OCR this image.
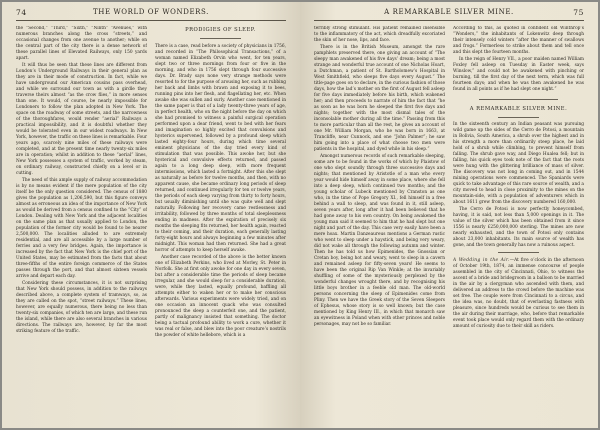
74	THE WORLD OF WONDERS.

the “Second,” “Third,” “Sixth,” “Ninth” “Avenues,” with numerous branches along the cross “streets,” and occasional changes from one avenue to another; while on the central part of the city there is a dense network of these parallel lines of Elevated Railways, only 150 yards apart.

It will thus be seen that these lines are different from London’s Underground Railways in their general plan as they are in their mode of construction. In fact, while we have underground our American cousins pass overhead, and while we surround our town as with a girdle they traverse theirs almost “as the crow flies,” in more senses than one. It would, of course, be nearly impossible for Londoners to follow the plan adopted in New York. The space on the roadway of some streets, and the narrowness of the thoroughfares, would render “aerial” Railways a practical impossibility, and it is doubtful whether they would be tolerated even in our widest roadways. In New York, however, the traffic on these lines is remarkable. Four years ago, scarcely nine miles of these railways were completed, and at the present time nearly twenty-six miles are in operation; whilst in addition to these “aerial” lines, New York possesses a system of traffic, worked by steam, on ordinary railway, constructed chiefly on a level or in cutting.

The need of this ample supply of railway accommodation is by no means evident if the mere population of the city itself be the only question considered. The census of 1880 gives the population as 1,206,590, but this figure conveys almost as erroneous an idea of the importance of New York as would be derived from a census confined to the “City” of London. Dealing with New York and the adjacent localities on the same plan as that usually applied to London, the population of the former city would be found to be nearer 2,500,000. The localities alluded to are extremely residential, and are all accessible by a large number of ferries and a very few bridges. Again, the importance is increased by the fact that New York is the chief port of the United States, may be estimated from the facts that about three-fifths of the entire foreign commerce of the States passes through the port, and that almost sixteen vessels arrive and depart each day.

Considering these circumstances, it is not surprising that New York should possess, in addition to the railways described above, a complete system of tramways, so, as they are called on the spot, “street railways.” These lines, however, are equally numerous, there being no less than twenty-six companies, of which ten are large, and these run the island, while there are also several branches in various directions. The railways are, however, by far the most striking feature of the traffic.

PRODIGIES OF SLEEP.

There is a case, read before a society of physicians in 1756, and recorded in “The Philosophical Transactions,” of a woman named Elizabeth Orvin who went, for ten years, slept two or three mornings from four or five in the morning, and who in 1756 slept through four successive days. Dr. Brady says none very strange methods were resorted to for the purpose of arousing her, such as rubbing her back and limbs with brawn and exposing it to bees, running pins into her flesh, and flagellating her, etc. When awake she was sullen and surly. Another case mentioned in the same paper is that of a lady twenty-three years of age, in perfect health, who on the night before the day on which she had promised to witness a painful surgical operation performed upon a dear friend, went to bed with her fears and imagination so highly excited that convulsions and hysterics supervened, followed by a profound sleep which lasted eighty-four hours, during which time several eminent physicians of the day tried every kind of stimulation that was possible. This awoke her, but she hysterical and convulsive effects returned, and passed again to a long deep sleep, with more frequent intermissions, which lasted a fortnight. After this she slept as naturally as before for twelve months, and then, with no apparent cause, she became ordinary long periods of sleep returned, and continued irregularly for ten or twelve years, the periods of each sleep varying from thirty to forty hours, but usually diminishing until she was quite well and slept naturally. Following her recovery came restlessness and irritability, followed by three months of total sleeplessness ending in madness. After the expiration of precisely six months the sleeping fits returned, her health again, reacted to their coming, and their duration, each generally lasting forty-eight hours and always beginning a few minutes after midnight. This woman had then returned. She had a great horror of attempts to keep herself awake.

Another case recorded of the above is the better known one of Elizabeth Perkins, who lived at Morley, St. Peter in Norfolk. She at first only awoke for one day in every seven, but after a considerable time the periods of sleep became irregular, and she would sleep for a considerable duration, were, while they lasted, equally profound, baffling all attempts either to waken her or to make her conscious afterwards. Various experiments were widely tried, and on one occasion an innocent quack who was consulted pronounced the sleep a counterfeit one, and the patient, partly of malignancy insisted that something. The doctor being a tactual profound ability to work a cure, whether it was real or false, and blew into the poor creature’s nostrils the powder of white hellebore, which is a

A REMARKABLE SILVER MINE.	75

terribly strong stimulant. His patient remained insensible to the inflammatory of the act, which dreadfully excoriated the skin of her nose, lips, and face.

There is in the British Museum, amongst the rare pamphlets preserved there, one giving an account of “The sleepy man awakened of his five days’ dream; being a most strange and wonderful true account of one Nicholas Hoart, a Dutchman, a patient of St. Bartholomew’s Hospital in West Smithfield, who sleeps five days every August.” The title-page goes on to declare, in the curious fashion of those days, how the lad’s mother on the first of August fell asleep for five days immediately before his birth, which wakened her; and then proceeds to narrate of him the fact that “he as soon as he was born he sleeped the first five days and nights; together with the most dismal tales of the inconsolable mother during all the time.” Passing from this to more particular than all the rest, he gives an account of one Mr. William Morgan, who he was born in 1663, at Trancliffe, near Cunnock, and one “John Palmer”; he saw him going into a place of what choose two men were patients in the hospital, and dyed while in his sleep.”

Amongst numerous records of such remarkable sleeping, some are to be found in the works of which by Plaistow of one who slept soundly through three successive days and nights; that mentioned by Aristotle of a man who every year would hide himself away in some place, where she fell into a deep sleep, which continued two months; and the young scholar of Lubeck mentioned by Cranston as one who, in the time of Pope Gregory XI., fell himself in a free behind a wall to sleep, and was found in it, still asleep, seven years after, long after it had been believed that he had gone away to his own country. On being awakened the young man said it seemed to him that he had slept but one night and part of the day. This case very easily have been a mere hoax. Martin Danzeaureus mentions a German rustic who went to sleep under a haystick, and being very weary, did not wake all through the following autumn and winter. Then he has told us how Epimenides, the Gnossian or Cretan boy, being hot and weary, went to sleep in a cavern and remained asleep for fifty-seven years! He seems to have been the original Rip Van Winkle; at the invariably shuffling of some of the mysteriously perplexed by the wonderful changes wrought there, and by recognising his little boys brother in a feeble old man. The old-world persons concerning the sleep of Epimenides come from Pliny. Then we have the Greek story of the Seven Sleepers of Ephesus, whose story is so well known; but the case mentioned by King Henry III., in which that monarch saw an eyewitness in Poland when with other princes and noble personages, may not be so familiar.

According to this, as quoted in confident old Winthrop’s “Wonders,” the inhabitants of Lokenwitz deep through their intensely cold winters “after the manner of swallows and frogs.” Formerless to strike about them and tell once and this slept the fourteen months.

In the reign of Henry VII., a poor maiden named William Foxley fell asleep on Tuesday in Easter week, says Winslow,” and could not be awakened with pinching or burning, till the first day of the next term, which was full fourteen days; and when he was then awakened he was found in all points as if he had slept one night.”

A REMARKABLE SILVER MINE.

In the sixteenth century an Indian peasant was pursuing wild game up the sides of the Cerro de Potosi, a mountain in Bolivia, South America, a shrub over the highest and in his strength a more than ordinarily steep place, he laid hold of a shrub while climbing, to prevent himself from falling. The shrub gave way, and Diego Hualea fell; but in falling, his quick eyes took note of the fact that the roots were hung with the glittering brilliance of mass of silver. The discovery was not long in coming out, and in 1544 mining operations were commenced. The Spaniards were quick to take advantage of this rare source of wealth, and a city moved to head in close proximity to the mines on the mountain-side, with a population of adventurers which in about 1611 grew from the discovery numbered 160,000.

The Cerro de Potosi is now perfectly honeycombed, having, it is said, not less than 5,000 openings in it. The value of the silver which has been obtained from it since 1556 is nearly £250,000,000 sterling. The mines are now nearly exhausted, and the town of Potosi only contains about 23,000 inhabitants. Its main source of wealth has gone, and the town generally has now a ruinous aspect.

A Wedding in the Air.—At five o’clock in the afternoon of October 19th, 1874, an immense concourse of people assembled in the city of Cincinnati, Ohio, to witness the ascent of a bride and bridegroom in a balloon to be married in the air by a clergyman who ascended with them, and delivered an address to the crowd before the machine was set free. The couple were from Cincinnati to a circus, and the idea was, no doubt, that of everlasting fastness with pleasure, since hundreds would be curious to see them in the air during their marriage, who, before that remarkable event took place would only regard them with the ordinary amount of curiosity due to their skill as riders.
